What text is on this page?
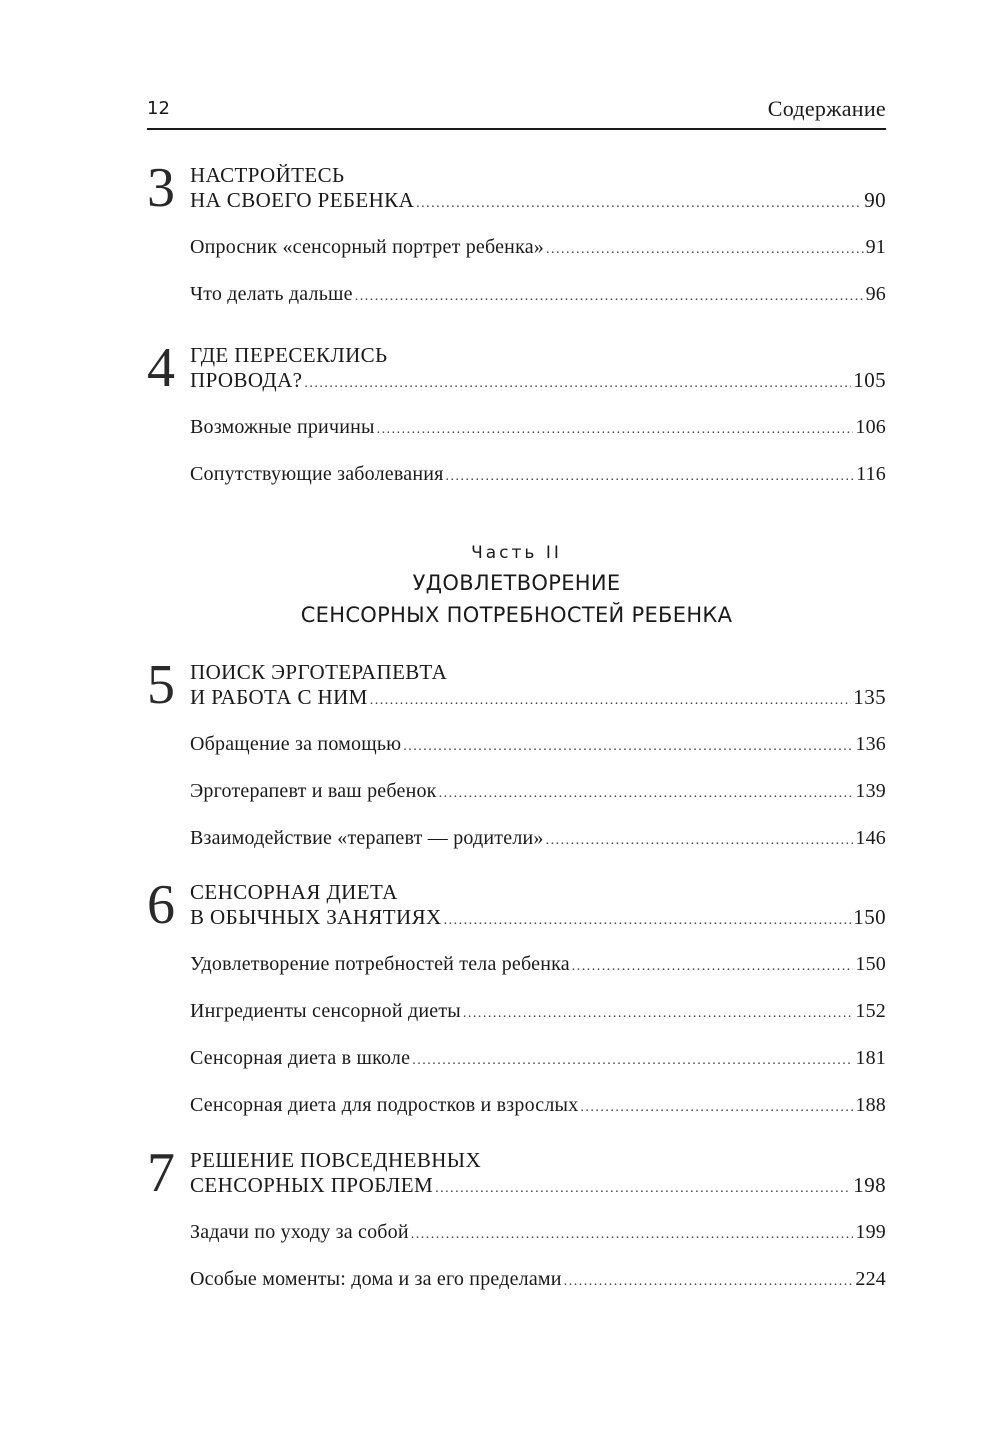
12	Содержание
3 НАСТРОЙТЕСЬ
НА СВОЕГО РЕБЕНКА .....	90
Опросник «сенсорный портрет ребенка» .....	91
Что делать дальше .....	96
4 ГДЕ ПЕРЕСЕКЛИСЬ
ПРОВОДА? .....	105
Возможные причины .....	106
Сопутствующие заболевания .....	116
Часть II
УДОВЛЕТВОРЕНИЕ
СЕНСОРНЫХ ПОТРЕБНОСТЕЙ РЕБЕНКА
5 ПОИСК ЭРГОТЕРАПЕВТА
И РАБОТА С НИМ .....	135
Обращение за помощью .....	136
Эрготерапевт и ваш ребенок .....	139
Взаимодействие «терапевт — родители» .....	146
6 СЕНСОРНАЯ ДИЕТА
В ОБЫЧНЫХ ЗАНЯТИЯХ .....	150
Удовлетворение потребностей тела ребенка .....	150
Ингредиенты сенсорной диеты .....	152
Сенсорная диета в школе .....	181
Сенсорная диета для подростков и взрослых .....	188
7 РЕШЕНИЕ ПОВСЕДНЕВНЫХ
СЕНСОРНЫХ ПРОБЛЕМ .....	198
Задачи по уходу за собой .....	199
Особые моменты: дома и за его пределами .....	224
